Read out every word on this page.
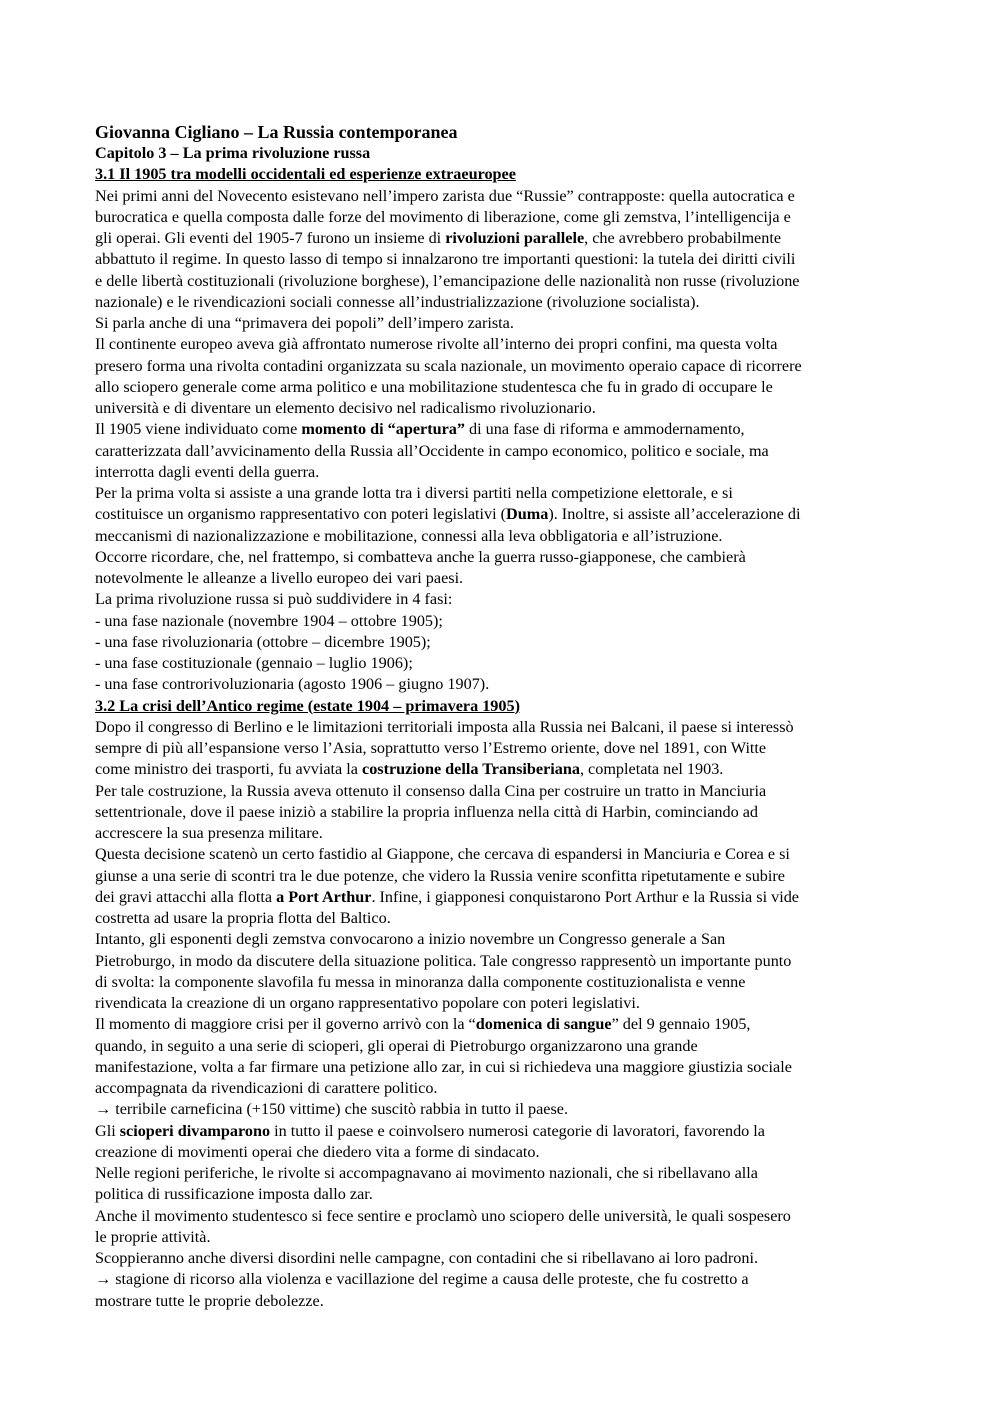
Giovanna Cigliano – La Russia contemporanea
Capitolo 3 – La prima rivoluzione russa
3.1 Il 1905 tra modelli occidentali ed esperienze extraeuropee
Nei primi anni del Novecento esistevano nell’impero zarista due “Russie” contrapposte: quella autocratica e
burocratica e quella composta dalle forze del movimento di liberazione, come gli zemstva, l’intelligencija e
gli operai. Gli eventi del 1905-7 furono un insieme di rivoluzioni parallele, che avrebbero probabilmente
abbattuto il regime. In questo lasso di tempo si innalzarono tre importanti questioni: la tutela dei diritti civili
e delle libertà costituzionali (rivoluzione borghese), l’emancipazione delle nazionalità non russe (rivoluzione
nazionale) e le rivendicazioni sociali connesse all’industrializzazione (rivoluzione socialista).
Si parla anche di una “primavera dei popoli” dell’impero zarista.
Il continente europeo aveva già affrontato numerose rivolte all’interno dei propri confini, ma questa volta
presero forma una rivolta contadini organizzata su scala nazionale, un movimento operaio capace di ricorrere
allo sciopero generale come arma politico e una mobilitazione studentesca che fu in grado di occupare le
università e di diventare un elemento decisivo nel radicalismo rivoluzionario.
Il 1905 viene individuato come momento di “apertura” di una fase di riforma e ammodernamento,
caratterizzata dall’avvicinamento della Russia all’Occidente in campo economico, politico e sociale, ma
interrotta dagli eventi della guerra.
Per la prima volta si assiste a una grande lotta tra i diversi partiti nella competizione elettorale, e si
costituisce un organismo rappresentativo con poteri legislativi (Duma). Inoltre, si assiste all’accelerazione di
meccanismi di nazionalizzazione e mobilitazione, connessi alla leva obbligatoria e all’istruzione.
Occorre ricordare, che, nel frattempo, si combatteva anche la guerra russo-giapponese, che cambierà
notevolmente le alleanze a livello europeo dei vari paesi.
La prima rivoluzione russa si può suddividere in 4 fasi:
- una fase nazionale (novembre 1904 – ottobre 1905);
- una fase rivoluzionaria (ottobre – dicembre 1905);
- una fase costituzionale (gennaio – luglio 1906);
- una fase controrivoluzionaria (agosto 1906 – giugno 1907).
3.2 La crisi dell’Antico regime (estate 1904 – primavera 1905)
Dopo il congresso di Berlino e le limitazioni territoriali imposta alla Russia nei Balcani, il paese si interessò
sempre di più all’espansione verso l’Asia, soprattutto verso l’Estremo oriente, dove nel 1891, con Witte
come ministro dei trasporti, fu avviata la costruzione della Transiberiana, completata nel 1903.
Per tale costruzione, la Russia aveva ottenuto il consenso dalla Cina per costruire un tratto in Manciuria
settentrionale, dove il paese iniziò a stabilire la propria influenza nella città di Harbin, cominciando ad
accrescere la sua presenza militare.
Questa decisione scatenò un certo fastidio al Giappone, che cercava di espandersi in Manciuria e Corea e si
giunse a una serie di scontri tra le due potenze, che videro la Russia venire sconfitta ripetutamente e subire
dei gravi attacchi alla flotta a Port Arthur. Infine, i giapponesi conquistarono Port Arthur e la Russia si vide
costretta ad usare la propria flotta del Baltico.
Intanto, gli esponenti degli zemstva convocarono a inizio novembre un Congresso generale a San
Pietroburgo, in modo da discutere della situazione politica. Tale congresso rappresentò un importante punto
di svolta: la componente slavofila fu messa in minoranza dalla componente costituzionalista e venne
rivendicata la creazione di un organo rappresentativo popolare con poteri legislativi.
Il momento di maggiore crisi per il governo arrivò con la “domenica di sangue” del 9 gennaio 1905,
quando, in seguito a una serie di scioperi, gli operai di Pietroburgo organizzarono una grande
manifestazione, volta a far firmare una petizione allo zar, in cui si richiedeva una maggiore giustizia sociale
accompagnata da rivendicazioni di carattere politico.
→ terribile carneficina (+150 vittime) che suscitò rabbia in tutto il paese.
Gli scioperi divamparono in tutto il paese e coinvolsero numerosi categorie di lavoratori, favorendo la
creazione di movimenti operai che diedero vita a forme di sindacato.
Nelle regioni periferiche, le rivolte si accompagnavano ai movimento nazionali, che si ribellavano alla
politica di russificazione imposta dallo zar.
Anche il movimento studentesco si fece sentire e proclamò uno sciopero delle università, le quali sospesero
le proprie attività.
Scoppieranno anche diversi disordini nelle campagne, con contadini che si ribellavano ai loro padroni.
→ stagione di ricorso alla violenza e vacillazione del regime a causa delle proteste, che fu costretto a
mostrare tutte le proprie debolezze.
